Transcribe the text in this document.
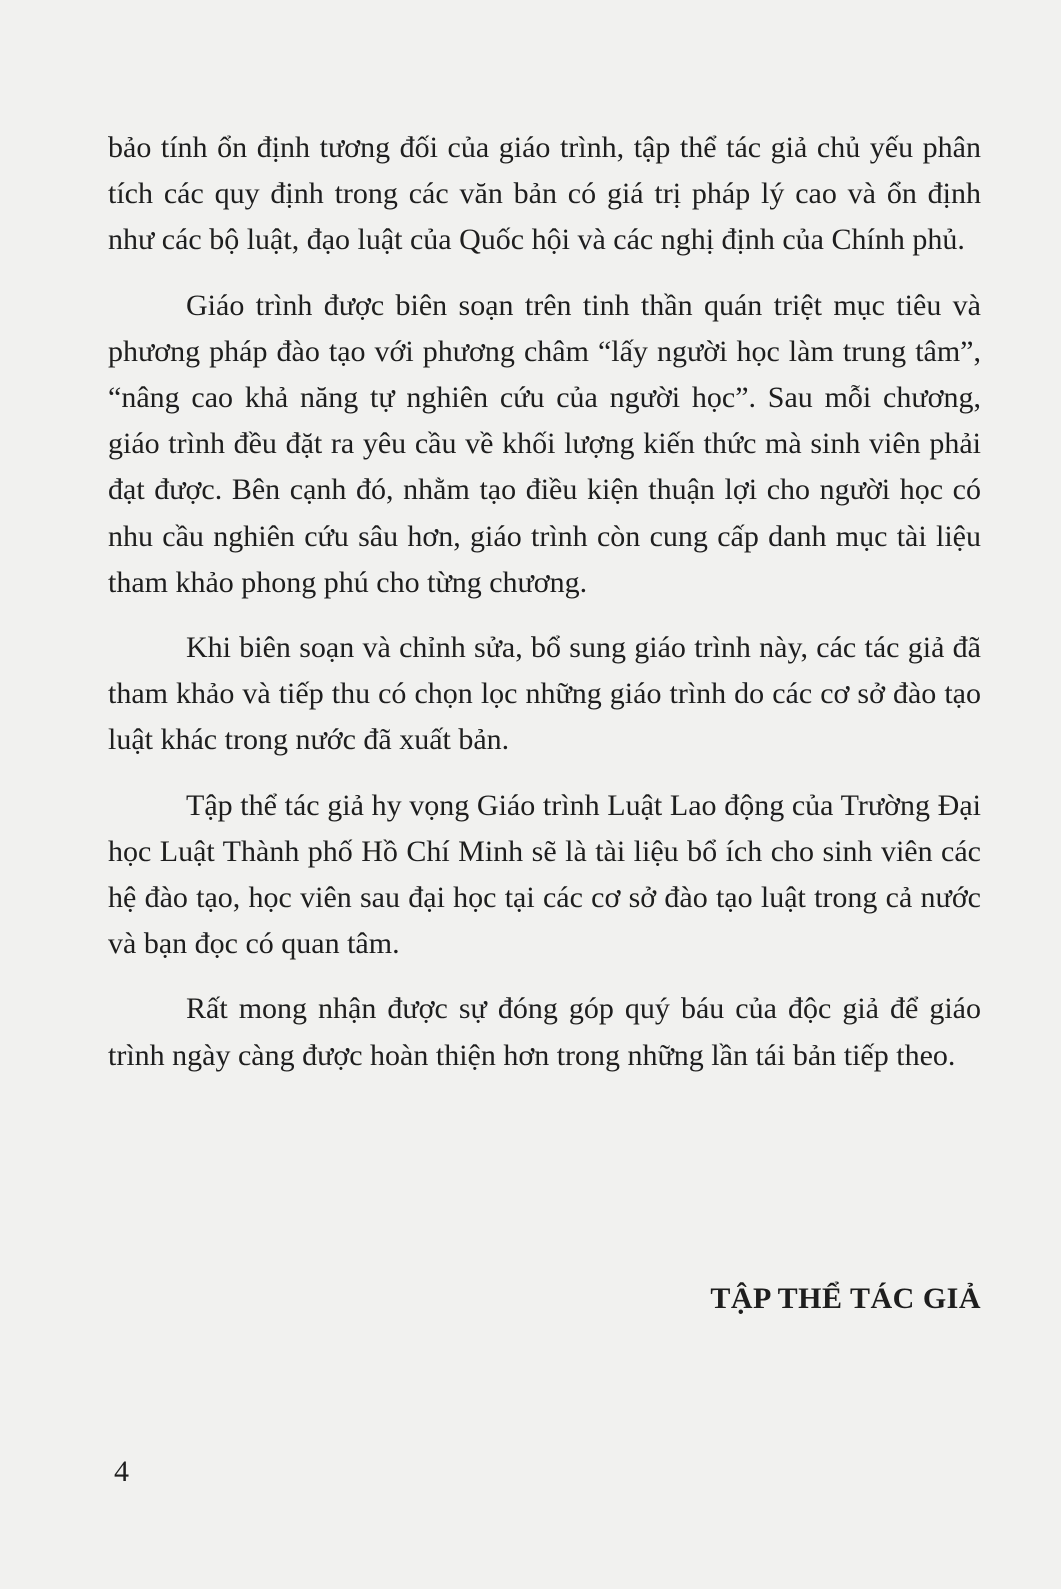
bảo tính ổn định tương đối của giáo trình, tập thể tác giả chủ yếu phân tích các quy định trong các văn bản có giá trị pháp lý cao và ổn định như các bộ luật, đạo luật của Quốc hội và các nghị định của Chính phủ.

Giáo trình được biên soạn trên tinh thần quán triệt mục tiêu và phương pháp đào tạo với phương châm “lấy người học làm trung tâm”, “nâng cao khả năng tự nghiên cứu của người học”. Sau mỗi chương, giáo trình đều đặt ra yêu cầu về khối lượng kiến thức mà sinh viên phải đạt được. Bên cạnh đó, nhằm tạo điều kiện thuận lợi cho người học có nhu cầu nghiên cứu sâu hơn, giáo trình còn cung cấp danh mục tài liệu tham khảo phong phú cho từng chương.

Khi biên soạn và chỉnh sửa, bổ sung giáo trình này, các tác giả đã tham khảo và tiếp thu có chọn lọc những giáo trình do các cơ sở đào tạo luật khác trong nước đã xuất bản.

Tập thể tác giả hy vọng Giáo trình Luật Lao động của Trường Đại học Luật Thành phố Hồ Chí Minh sẽ là tài liệu bổ ích cho sinh viên các hệ đào tạo, học viên sau đại học tại các cơ sở đào tạo luật trong cả nước và bạn đọc có quan tâm.

Rất mong nhận được sự đóng góp quý báu của độc giả để giáo trình ngày càng được hoàn thiện hơn trong những lần tái bản tiếp theo.

TẬP THỂ TÁC GIẢ
4
